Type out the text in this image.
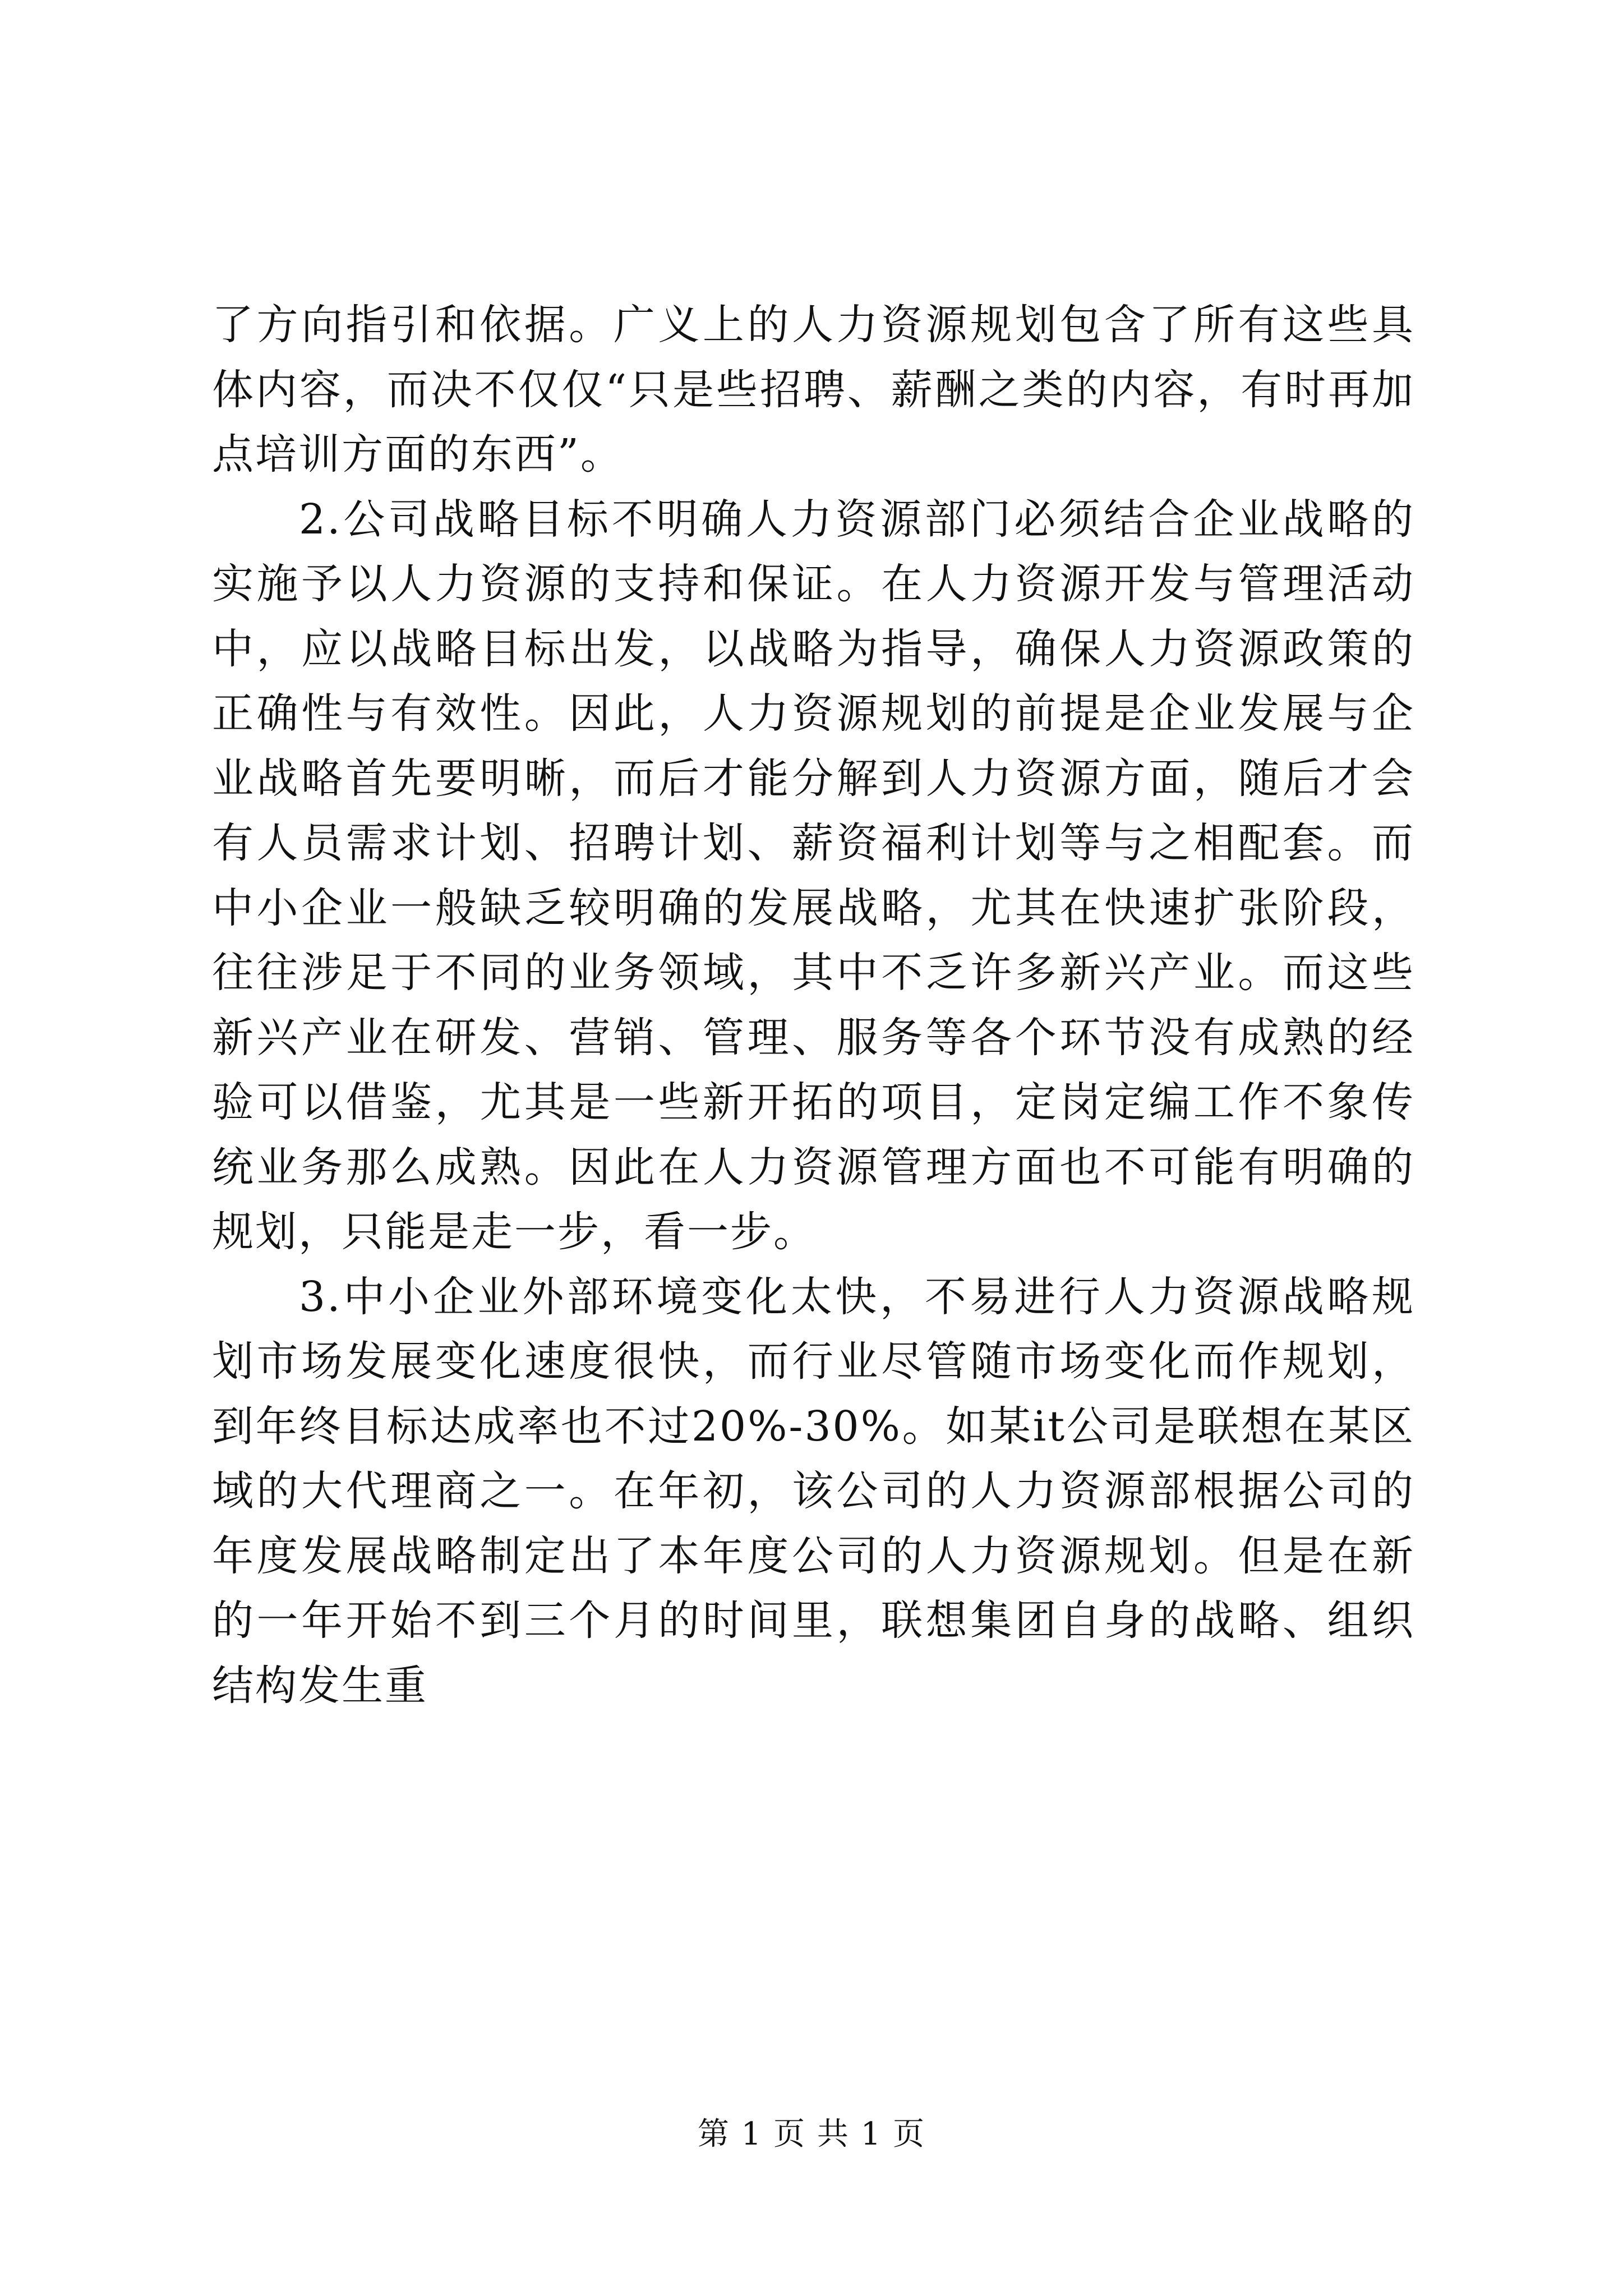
了方向指引和依据。广义上的人力资源规划包含了所有这些具体内容，而决不仅仅“只是些招聘、薪酬之类的内容，有时再加点培训方面的东西”。

2.公司战略目标不明确人力资源部门必须结合企业战略的实施予以人力资源的支持和保证。在人力资源开发与管理活动中，应以战略目标出发，以战略为指导，确保人力资源政策的正确性与有效性。因此，人力资源规划的前提是企业发展与企业战略首先要明晰，而后才能分解到人力资源方面，随后才会有人员需求计划、招聘计划、薪资福利计划等与之相配套。而中小企业一般缺乏较明确的发展战略，尤其在快速扩张阶段，往往涉足于不同的业务领域，其中不乏许多新兴产业。而这些新兴产业在研发、营销、管理、服务等各个环节没有成熟的经验可以借鉴，尤其是一些新开拓的项目，定岗定编工作不象传统业务那么成熟。因此在人力资源管理方面也不可能有明确的规划，只能是走一步，看一步。

3.中小企业外部环境变化太快，不易进行人力资源战略规划市场发展变化速度很快，而行业尽管随市场变化而作规划，到年终目标达成率也不过20%-30%。如某it公司是联想在某区域的大代理商之一。在年初，该公司的人力资源部根据公司的年度发展战略制定出了本年度公司的人力资源规划。但是在新的一年开始不到三个月的时间里，联想集团自身的战略、组织结构发生重

第 1 页 共 1 页
